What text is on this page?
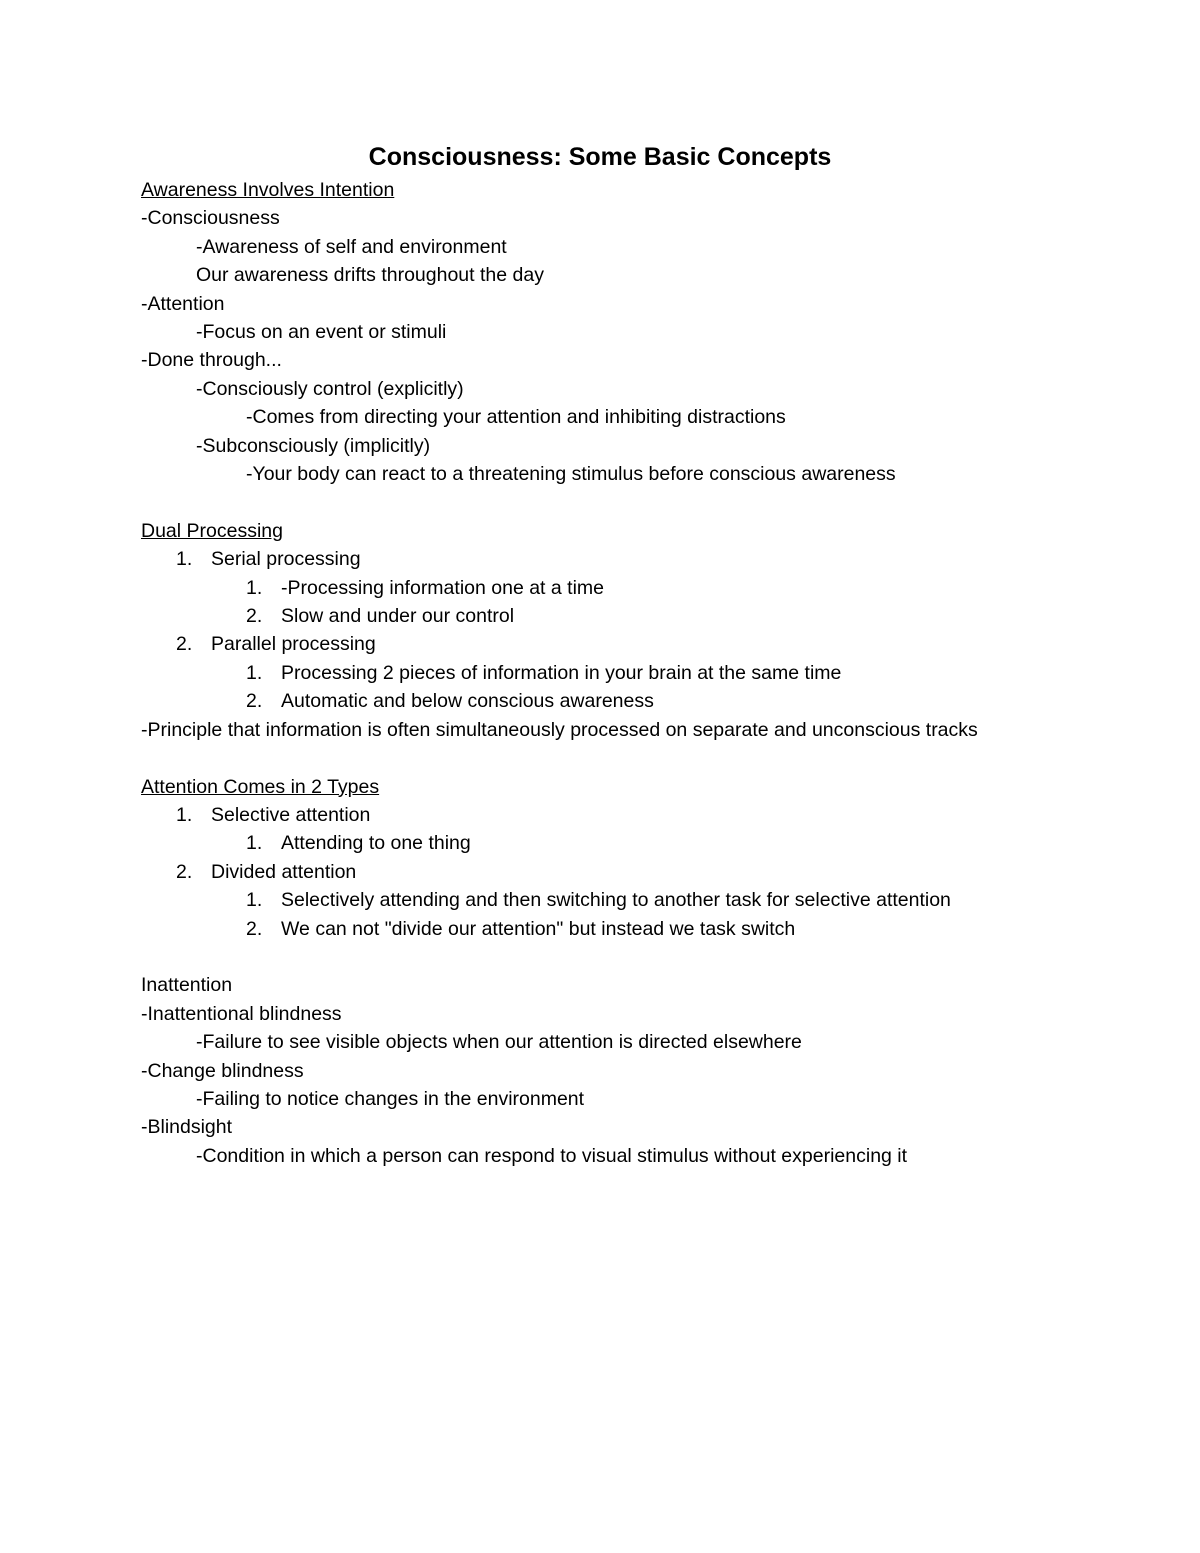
Consciousness: Some Basic Concepts
Awareness Involves Intention
-Consciousness
-Awareness of self and environment
Our awareness drifts throughout the day
-Attention
-Focus on an event or stimuli
-Done through...
-Consciously control (explicitly)
-Comes from directing your attention and inhibiting distractions
-Subconsciously (implicitly)
-Your body can react to a threatening stimulus before conscious awareness
Dual Processing
1. Serial processing
1. -Processing information one at a time
2. Slow and under our control
2. Parallel processing
1. Processing 2 pieces of information in your brain at the same time
2. Automatic and below conscious awareness
-Principle that information is often simultaneously processed on separate and unconscious tracks
Attention Comes in 2 Types
1. Selective attention
1. Attending to one thing
2. Divided attention
1. Selectively attending and then switching to another task for selective attention
2. We can not "divide our attention" but instead we task switch
Inattention
-Inattentional blindness
-Failure to see visible objects when our attention is directed elsewhere
-Change blindness
-Failing to notice changes in the environment
-Blindsight
-Condition in which a person can respond to visual stimulus without experiencing it
